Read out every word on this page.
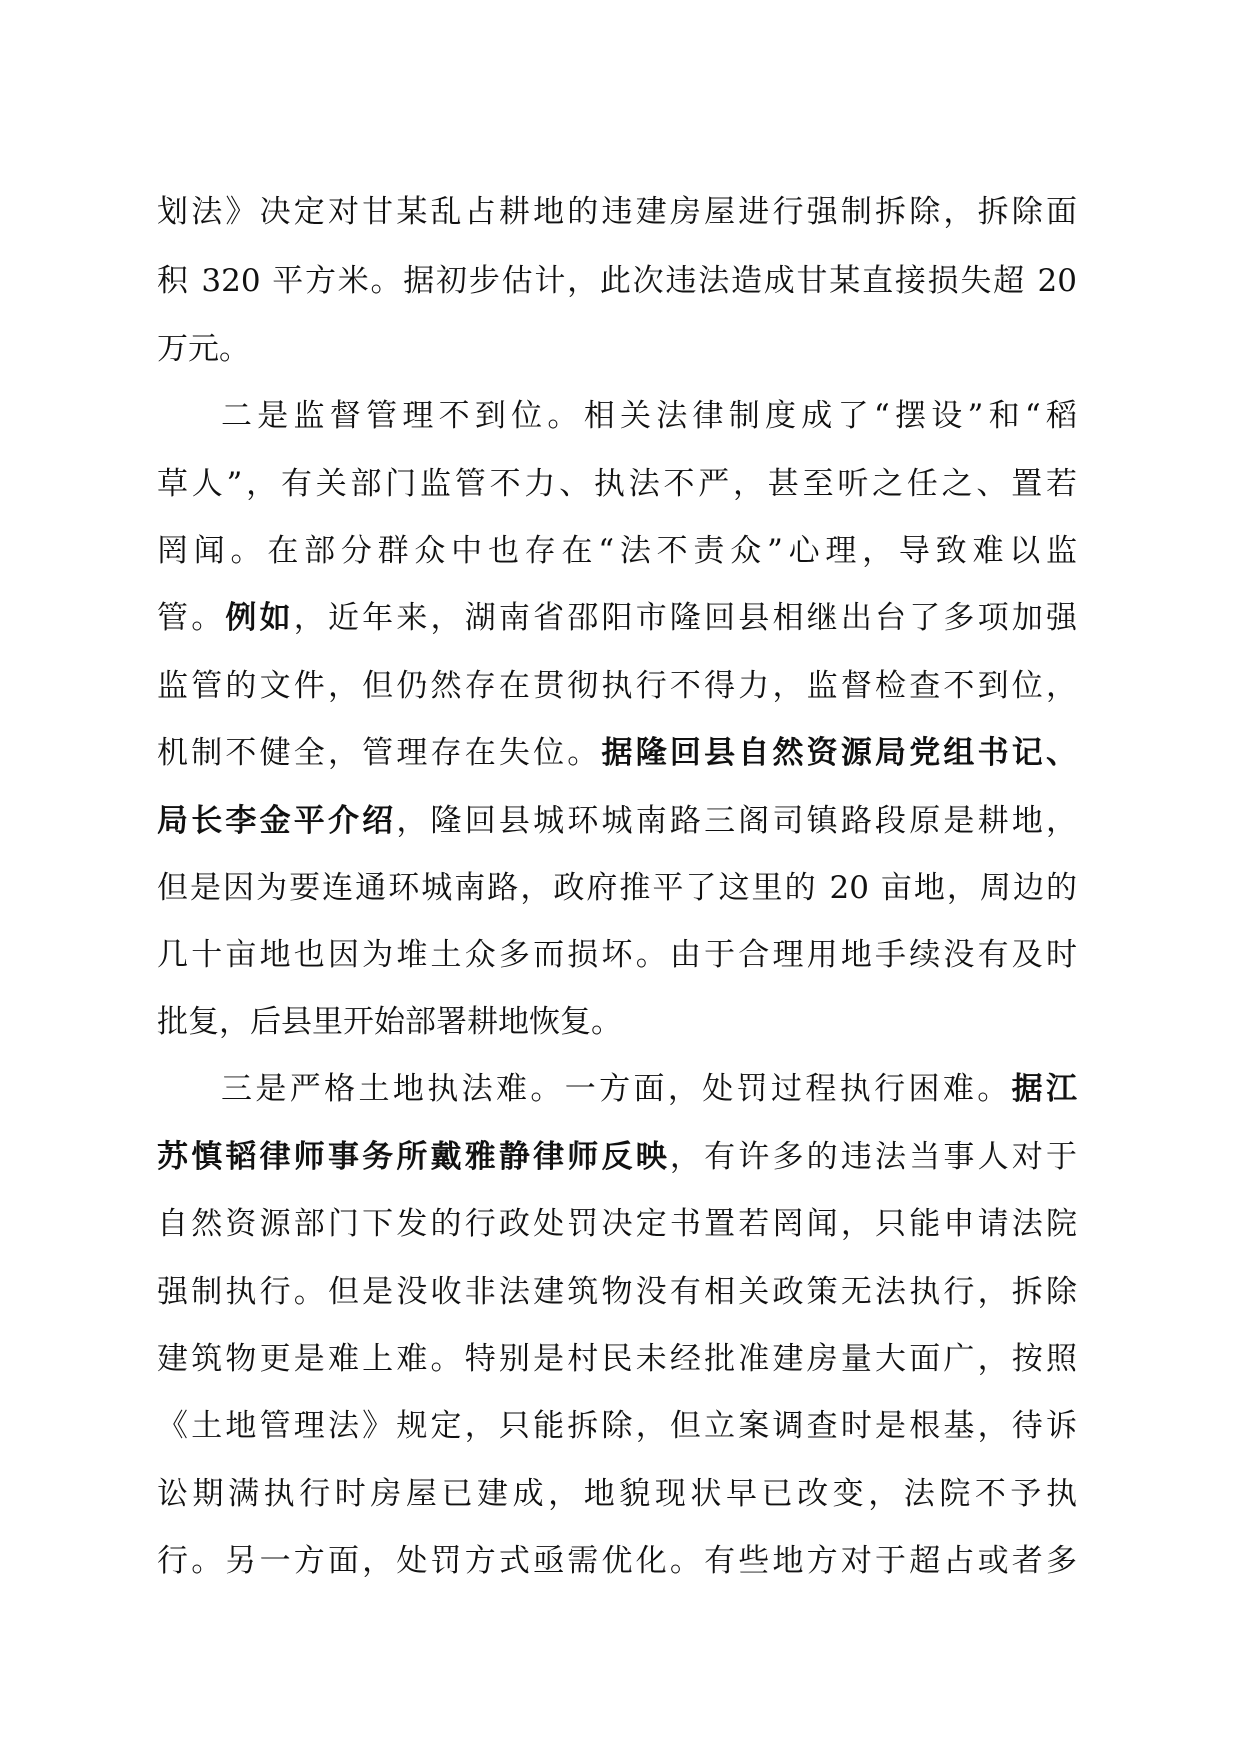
划法》决定对甘某乱占耕地的违建房屋进行强制拆除，拆除面
积 320 平方米。据初步估计，此次违法造成甘某直接损失超 20
万元。
二是监督管理不到位。相关法律制度成了“摆设”和“稻
草人”，有关部门监管不力、执法不严，甚至听之任之、置若
罔闻。在部分群众中也存在“法不责众”心理，导致难以监
管。例如，近年来，湖南省邵阳市隆回县相继出台了多项加强
监管的文件，但仍然存在贯彻执行不得力，监督检查不到位，
机制不健全，管理存在失位。据隆回县自然资源局党组书记、
局长李金平介绍，隆回县城环城南路三阁司镇路段原是耕地，
但是因为要连通环城南路，政府推平了这里的 20 亩地，周边的
几十亩地也因为堆土众多而损坏。由于合理用地手续没有及时
批复，后县里开始部署耕地恢复。
三是严格土地执法难。一方面，处罚过程执行困难。据江
苏慎韬律师事务所戴雅静律师反映，有许多的违法当事人对于
自然资源部门下发的行政处罚决定书置若罔闻，只能申请法院
强制执行。但是没收非法建筑物没有相关政策无法执行，拆除
建筑物更是难上难。特别是村民未经批准建房量大面广，按照
《土地管理法》规定，只能拆除，但立案调查时是根基，待诉
讼期满执行时房屋已建成，地貌现状早已改变，法院不予执
行。另一方面，处罚方式亟需优化。有些地方对于超占或者多
